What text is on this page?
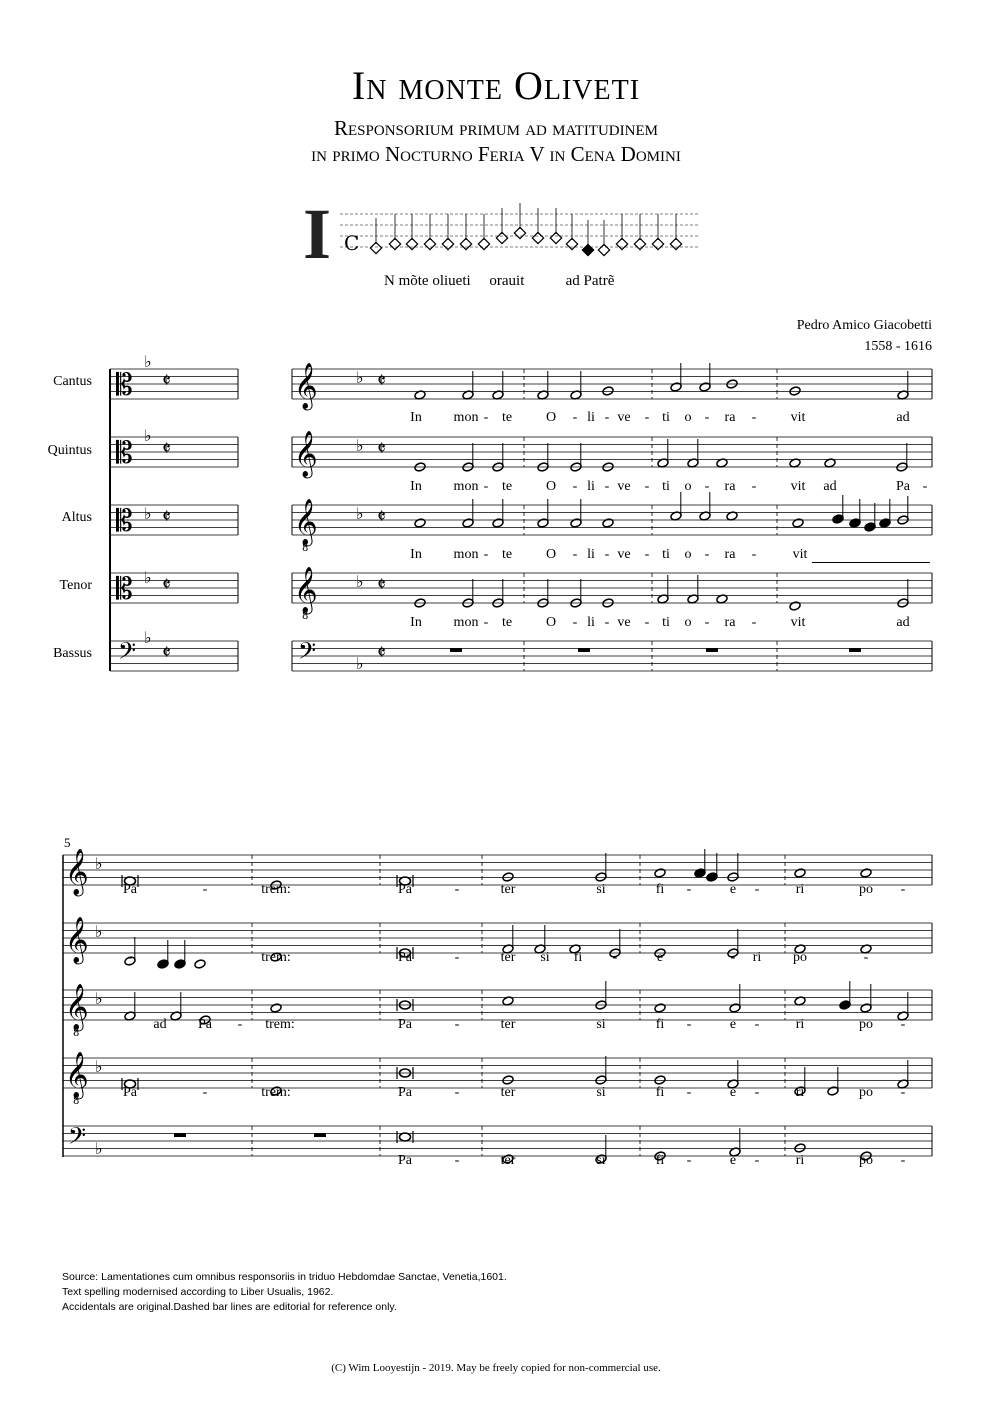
In monte Oliveti
Responsorium primum ad matitudinem
in primo Nocturno Feria V in Cena Domini
I
N mõte oliueti     orauit           ad Patrẽ
Pedro Amico Giacobetti
1558 - 1616
Cantus
Quintus
Altus
Tenor
Bassus
5
C
𝄡
♭
𝄵	𝄞 ♭ 𝄵
𝄡
♭
𝄵	𝄞 ♭ 𝄵
𝄡 ♭ 𝄵	𝄞
8
♭ 𝄵
𝄡 ♭ 𝄵	𝄞
8
♭ 𝄵
𝄢 ♭
𝄵	𝄢 ♭ 𝄵
𝄞 ♭
𝄞 ♭
𝄞
8
♭
𝄞
8
♭
𝄢 ♭
In mon - te O - li - ve - ti o - ra - vit	ad
In mon - te O - li - ve - ti o - ra - vit ad	Pa -
In mon - te O - li - ve - ti o - ra -	vit
In mon - te O - li - ve - ti o - ra - vit	ad
Pa	-	trem:	Pa	-	ter	si	fi -	e -	ri	po -
-	trem:	Pa	-	ter si fi -	e	- ri po	-
ad Pa - trem:	Pa	-	ter	si	fi -	e -	ri	po -
Pa	-	trem:	Pa	-	ter	si	fi -	e -	ri	po -
Pa	-	ter	si	fi -	e -	ri	po -
Source: Lamentationes cum omnibus responsoriis in triduo Hebdomdae Sanctae, Venetia,1601.
Text spelling modernised according to Liber Usualis, 1962.
Accidentals are original.Dashed bar lines are editorial for reference only.
(C) Wim Looyestijn - 2019. May be freely copied for non-commercial use.
